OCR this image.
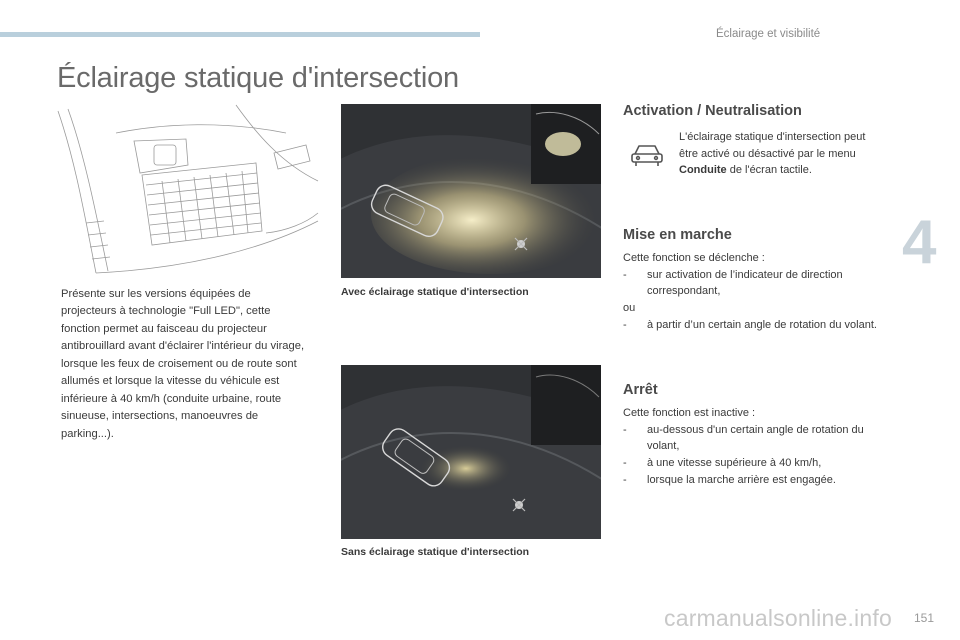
Éclairage et visibilité
4
Éclairage statique d'intersection

Présente sur les versions équipées de projecteurs à technologie "Full LED", cette fonction permet au faisceau du projecteur antibrouillard avant d'éclairer l'intérieur du virage, lorsque les feux de croisement ou de route sont allumés et lorsque la vitesse du véhicule est inférieure à 40 km/h (conduite urbaine, route sinueuse, intersections, manoeuvres de parking...).

Avec éclairage statique d'intersection
Sans éclairage statique d'intersection
Activation / Neutralisation

L'éclairage statique d'intersection peut être activé ou désactivé par le menu Conduite de l'écran tactile.

Mise en marche

Cette fonction se déclenche :

- sur activation de l’indicateur de direction correspondant,

ou

- à partir d’un certain angle de rotation du volant.
Arrêt

Cette fonction est inactive :

- au-dessous d'un certain angle de rotation du volant,
- à une vitesse supérieure à 40 km/h,
- lorsque la marche arrière est engagée.
carmanualsonline.info 151
